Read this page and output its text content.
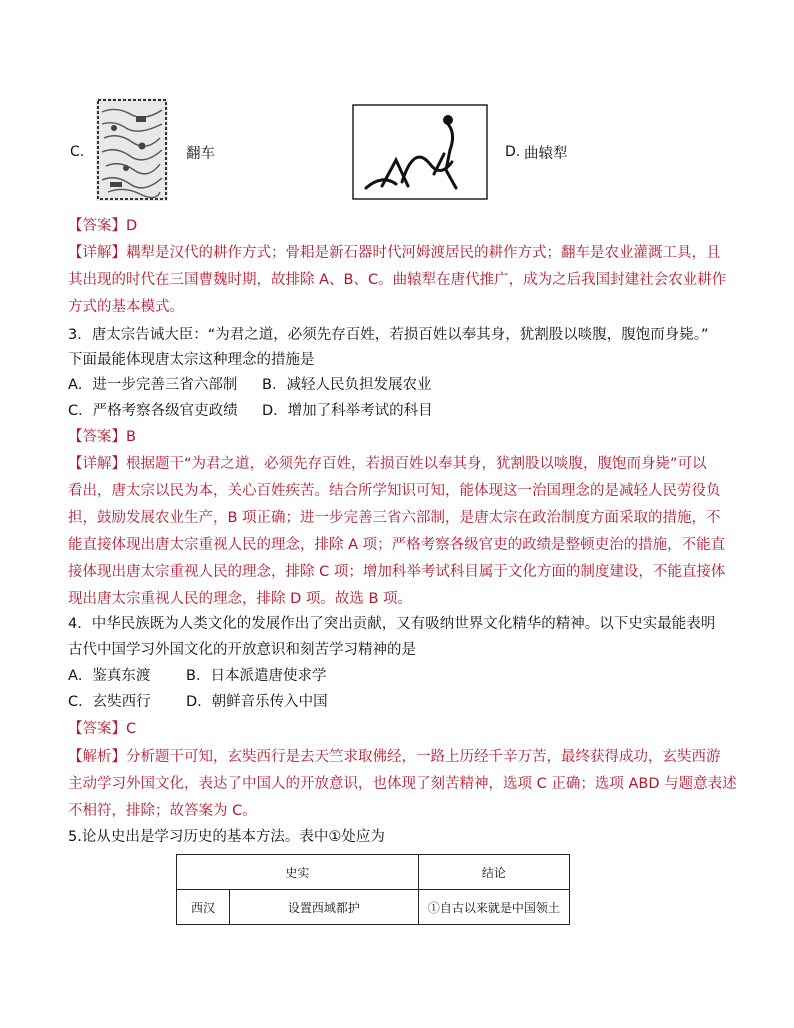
C.	翻车	D. 曲辕犁
【答案】D
【详解】耦犁是汉代的耕作方式；骨耜是新石器时代河姆渡居民的耕作方式；翻车是农业灌溉工具，且
其出现的时代在三国曹魏时期，故排除 A、B、C。曲辕犁在唐代推广，成为之后我国封建社会农业耕作
方式的基本模式。
3．唐太宗告诫大臣：“为君之道，必须先存百姓，若损百姓以奉其身，犹割股以啖腹，腹饱而身毙。”
下面最能体现唐太宗这种理念的措施是
A．进一步完善三省六部制 B．减轻人民负担发展农业
C．严格考察各级官吏政绩 D．增加了科举考试的科目
【答案】B
【详解】根据题干“为君之道，必须先存百姓，若损百姓以奉其身，犹割股以啖腹，腹饱而身毙”可以
看出，唐太宗以民为本，关心百姓疾苦。结合所学知识可知，能体现这一治国理念的是减轻人民劳役负
担，鼓励发展农业生产，B 项正确；进一步完善三省六部制，是唐太宗在政治制度方面采取的措施，不
能直接体现出唐太宗重视人民的理念，排除 A 项；严格考察各级官吏的政绩是整顿吏治的措施，不能直
接体现出唐太宗重视人民的理念，排除 C 项；增加科举考试科目属于文化方面的制度建设，不能直接体
现出唐太宗重视人民的理念，排除 D 项。故选 B 项。
4．中华民族既为人类文化的发展作出了突出贡献，又有吸纳世界文化精华的精神。以下史实最能表明
古代中国学习外国文化的开放意识和刻苦学习精神的是
A．鉴真东渡 B．日本派遣唐使求学
C．玄奘西行 D．朝鲜音乐传入中国
【答案】C
【解析】分析题干可知，玄奘西行是去天竺求取佛经，一路上历经千辛万苦，最终获得成功，玄奘西游
主动学习外国文化，表达了中国人的开放意识，也体现了刻苦精神，选项 C 正确；选项 ABD 与题意表述
不相符，排除；故答案为 C。
5.论从史出是学习历史的基本方法。表中①处应为
史实		结论
西汉	设置西域都护	①自古以来就是中国领土
